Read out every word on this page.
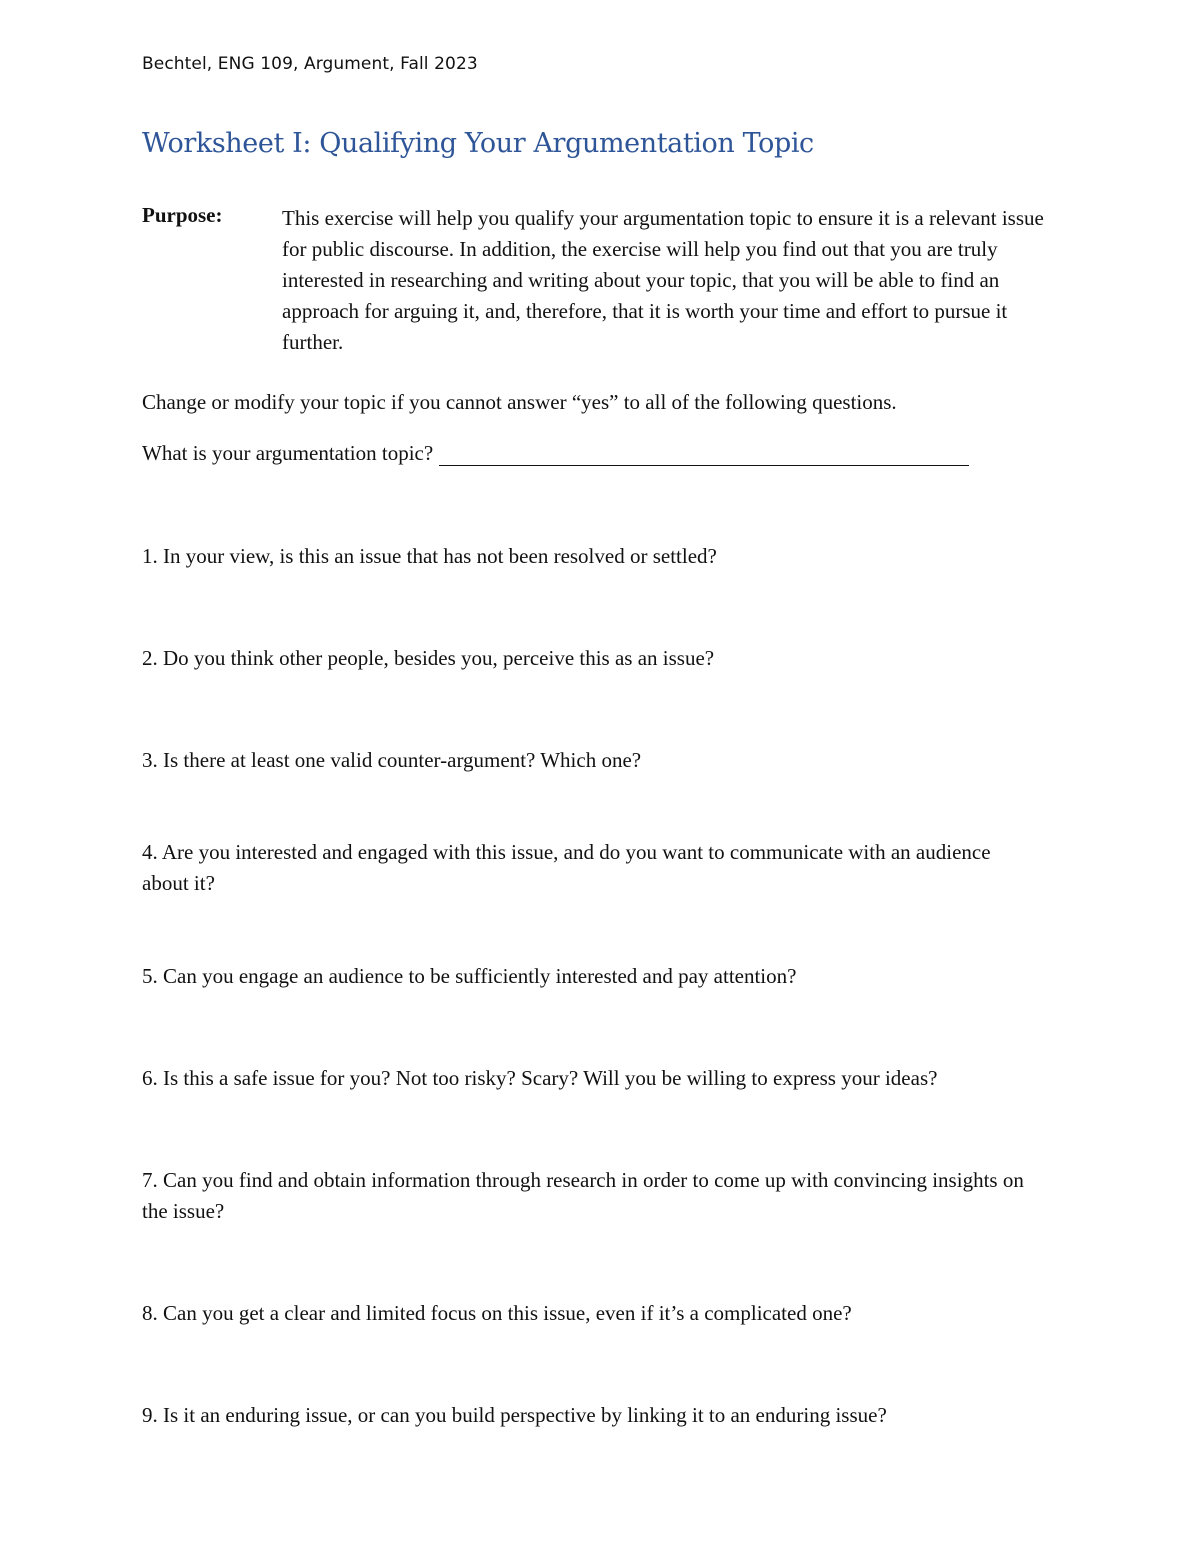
Bechtel, ENG 109, Argument, Fall 2023
Worksheet I: Qualifying Your Argumentation Topic
Purpose:	This exercise will help you qualify your argumentation topic to ensure it is a relevant issue for public discourse. In addition, the exercise will help you find out that you are truly interested in researching and writing about your topic, that you will be able to find an approach for arguing it, and, therefore, that it is worth your time and effort to pursue it further.
Change or modify your topic if you cannot answer “yes” to all of the following questions.
What is your argumentation topic?
1. In your view, is this an issue that has not been resolved or settled?
2. Do you think other people, besides you, perceive this as an issue?
3. Is there at least one valid counter-argument? Which one?
4. Are you interested and engaged with this issue, and do you want to communicate with an audience about it?
5. Can you engage an audience to be sufficiently interested and pay attention?
6. Is this a safe issue for you? Not too risky? Scary? Will you be willing to express your ideas?
7. Can you find and obtain information through research in order to come up with convincing insights on the issue?
8. Can you get a clear and limited focus on this issue, even if it’s a complicated one?
9. Is it an enduring issue, or can you build perspective by linking it to an enduring issue?
